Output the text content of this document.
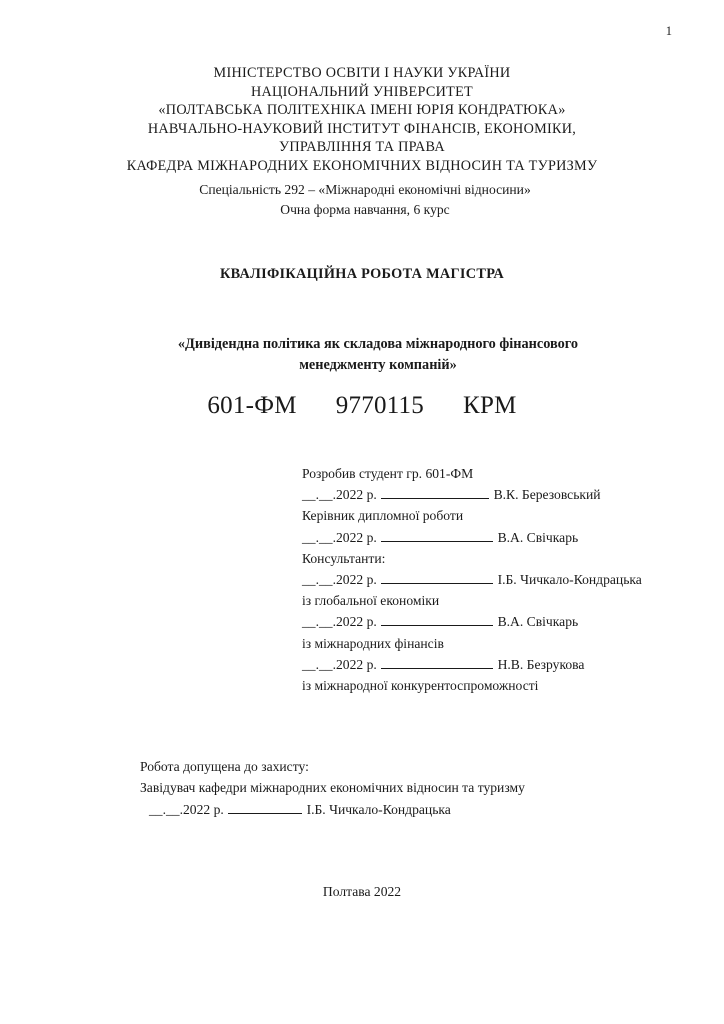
1
МІНІСТЕРСТВО ОСВІТИ І НАУКИ УКРАЇНИ
НАЦІОНАЛЬНИЙ УНІВЕРСИТЕТ
«ПОЛТАВСЬКА ПОЛІТЕХНІКА ІМЕНІ ЮРІЯ КОНДРАТЮКА»
НАВЧАЛЬНО-НАУКОВИЙ ІНСТИТУТ ФІНАНСІВ, ЕКОНОМІКИ,
УПРАВЛІННЯ ТА ПРАВА
КАФЕДРА МІЖНАРОДНИХ ЕКОНОМІЧНИХ ВІДНОСИН ТА ТУРИЗМУ
Спеціальність 292 – «Міжнародні економічні відносини»
Очна форма навчання, 6 курс
КВАЛІФІКАЦІЙНА РОБОТА МАГІСТРА
«Дивідендна політика як складова міжнародного фінансового
менеджменту компаній»
601-ФМ 9770115 КРМ
Розробив студент гр. 601-ФМ
__.__.2022 р.	В.К. Березовський
Керівник дипломної роботи
__.__.2022 р.	В.А. Свічкарь
Консультанти:
__.__.2022 р.	І.Б. Чичкало-Кондрацька
із глобальної економіки
__.__.2022 р.	В.А. Свічкарь
із міжнародних фінансів
__.__.2022 р.	Н.В. Безрукова
із міжнародної конкурентоспроможності
Робота допущена до захисту:
Завідувач кафедри міжнародних економічних відносин та туризму
__.__.2022 р.	І.Б. Чичкало-Кондрацька
Полтава 2022
